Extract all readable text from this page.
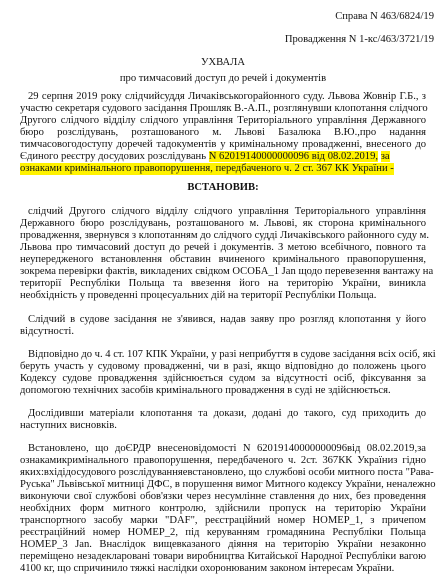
Справа N 463/6824/19
Провадження N 1-кс/463/3721/19
УХВАЛА
про тимчасовий доступ до речей і документів
29 серпня 2019 року слідчийсуддя Личаківськогорайонного суду. Львова Жовнір Г.Б., з
участю секретаря судового засідання Прошляк В.-А.П., розглянувши клопотання слідчого
Другого слідчого відділу слідчого управління Територіального управління Державного
бюро розслідувань, розташованого м. Львові Базалюка В.Ю.,про надання
тимчасовогодоступу доречей тадокументів у кримінальному провадженні, внесеного до
Єдиного реєстру досудових розслідувань N 62019140000000096 від 08.02.2019, за
ознаками кримінального правопорушення, передбаченого ч. 2 ст. 367 КК України -
ВСТАНОВИВ:
слідчий Другого слідчого відділу слідчого управління Територіального управління
Державного бюро розслідувань, розташованого м. Львові, як сторона кримінального
провадження, звернувся з клопотанням до слідчого судді Личаківського районного суду м.
Львова про тимчасовий доступ до речей і документів. З метою всебічного, повного та
неупередженого встановлення обставин вчиненого кримінального правопорушення,
зокрема перевірки фактів, викладених свідком ОСОБА_1 Jan щодо перевезення вантажу на
території Республіки Польща та ввезення його на територію України, виникла
необхідність у проведенні процесуальних дій на території Республіки Польща.
Слідчий в судове засідання не з'явився, надав заяву про розгляд клопотання у його
відсутності.
Відповідно до ч. 4 ст. 107 КПК України, у разі неприбуття в судове засідання всіх осіб, які
беруть участь у судовому провадженні, чи в разі, якщо відповідно до положень цього
Кодексу судове провадження здійснюється судом за відсутності осіб, фіксування за
допомогою технічних засобів кримінального провадження в суді не здійснюється.
Дослідивши матеріали клопотання та докази, додані до такого, суд приходить до
наступних висновків.
Встановлено, що доЄРДР внесеновідомості N 62019140000000096від 08.02.2019,за
ознакамикримінального правопорушення, передбаченого ч. 2ст. 367КК Україниз гідно
яких:вхідідосудового розслідуванняевстановлено, що службові особи митного поста "Рава-
Руська" Львівської митниці ДФС, в порушення вимог Митного кодексу України, неналежно
виконуючи свої службові обов'язки через несумлінне ставлення до них, без проведення
необхідних форм митного контролю, здійснили пропуск на територію України
транспортного засобу марки "DAF", реєстраційний номер НОМЕР_1, з причепом
реєстраційний номер НОМЕР_2, під керуванням громадянина Республіки Польща
НОМЕР_3 Jan. Внаслідок вищевказаного діяння на територію України незаконно
переміщено незадекларовані товари виробництва Китайської Народної Республіки вагою
4100 кг, що спричинило тяжкі наслідки охоронюваним законом інтересам України.
